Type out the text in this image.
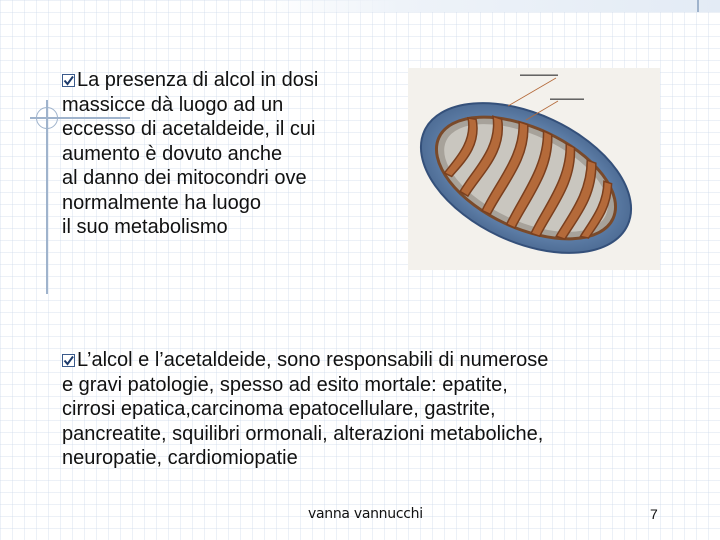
La presenza di alcol in dosi
massicce dà luogo ad un
eccesso di acetaldeide, il cui
aumento è dovuto anche
al danno dei mitocondri ove
normalmente ha luogo
il suo metabolismo
L’alcol e l’acetaldeide, sono responsabili di numerose
e gravi patologie, spesso ad esito mortale: epatite,
cirrosi epatica,carcinoma epatocellulare, gastrite,
pancreatite, squilibri ormonali, alterazioni metaboliche,
neuropatie, cardiomiopatie
vanna vannucchi	7
